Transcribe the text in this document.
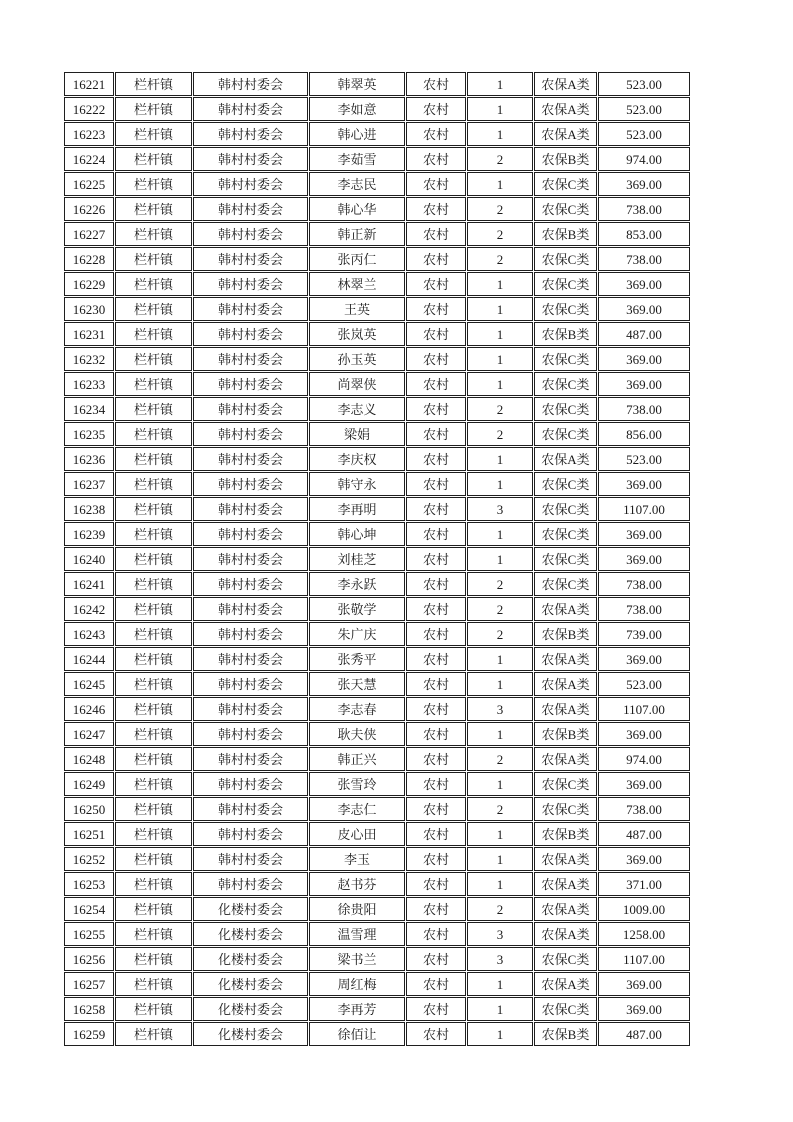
16221	栏杆镇	韩村村委会	韩翠英	农村	1	农保A类	523.00
16222	栏杆镇	韩村村委会	李如意	农村	1	农保A类	523.00
16223	栏杆镇	韩村村委会	韩心进	农村	1	农保A类	523.00
16224	栏杆镇	韩村村委会	李茹雪	农村	2	农保B类	974.00
16225	栏杆镇	韩村村委会	李志民	农村	1	农保C类	369.00
16226	栏杆镇	韩村村委会	韩心华	农村	2	农保C类	738.00
16227	栏杆镇	韩村村委会	韩正新	农村	2	农保B类	853.00
16228	栏杆镇	韩村村委会	张丙仁	农村	2	农保C类	738.00
16229	栏杆镇	韩村村委会	林翠兰	农村	1	农保C类	369.00
16230	栏杆镇	韩村村委会	王英	农村	1	农保C类	369.00
16231	栏杆镇	韩村村委会	张岚英	农村	1	农保B类	487.00
16232	栏杆镇	韩村村委会	孙玉英	农村	1	农保C类	369.00
16233	栏杆镇	韩村村委会	尚翠侠	农村	1	农保C类	369.00
16234	栏杆镇	韩村村委会	李志义	农村	2	农保C类	738.00
16235	栏杆镇	韩村村委会	梁娟	农村	2	农保C类	856.00
16236	栏杆镇	韩村村委会	李庆权	农村	1	农保A类	523.00
16237	栏杆镇	韩村村委会	韩守永	农村	1	农保C类	369.00
16238	栏杆镇	韩村村委会	李再明	农村	3	农保C类	1107.00
16239	栏杆镇	韩村村委会	韩心坤	农村	1	农保C类	369.00
16240	栏杆镇	韩村村委会	刘桂芝	农村	1	农保C类	369.00
16241	栏杆镇	韩村村委会	李永跃	农村	2	农保C类	738.00
16242	栏杆镇	韩村村委会	张敬学	农村	2	农保A类	738.00
16243	栏杆镇	韩村村委会	朱广庆	农村	2	农保B类	739.00
16244	栏杆镇	韩村村委会	张秀平	农村	1	农保A类	369.00
16245	栏杆镇	韩村村委会	张天慧	农村	1	农保A类	523.00
16246	栏杆镇	韩村村委会	李志春	农村	3	农保A类	1107.00
16247	栏杆镇	韩村村委会	耿夫侠	农村	1	农保B类	369.00
16248	栏杆镇	韩村村委会	韩正兴	农村	2	农保A类	974.00
16249	栏杆镇	韩村村委会	张雪玲	农村	1	农保C类	369.00
16250	栏杆镇	韩村村委会	李志仁	农村	2	农保C类	738.00
16251	栏杆镇	韩村村委会	皮心田	农村	1	农保B类	487.00
16252	栏杆镇	韩村村委会	李玉	农村	1	农保A类	369.00
16253	栏杆镇	韩村村委会	赵书芬	农村	1	农保A类	371.00
16254	栏杆镇	化楼村委会	徐贵阳	农村	2	农保A类	1009.00
16255	栏杆镇	化楼村委会	温雪理	农村	3	农保A类	1258.00
16256	栏杆镇	化楼村委会	梁书兰	农村	3	农保C类	1107.00
16257	栏杆镇	化楼村委会	周红梅	农村	1	农保A类	369.00
16258	栏杆镇	化楼村委会	李再芳	农村	1	农保C类	369.00
16259	栏杆镇	化楼村委会	徐佰让	农村	1	农保B类	487.00
